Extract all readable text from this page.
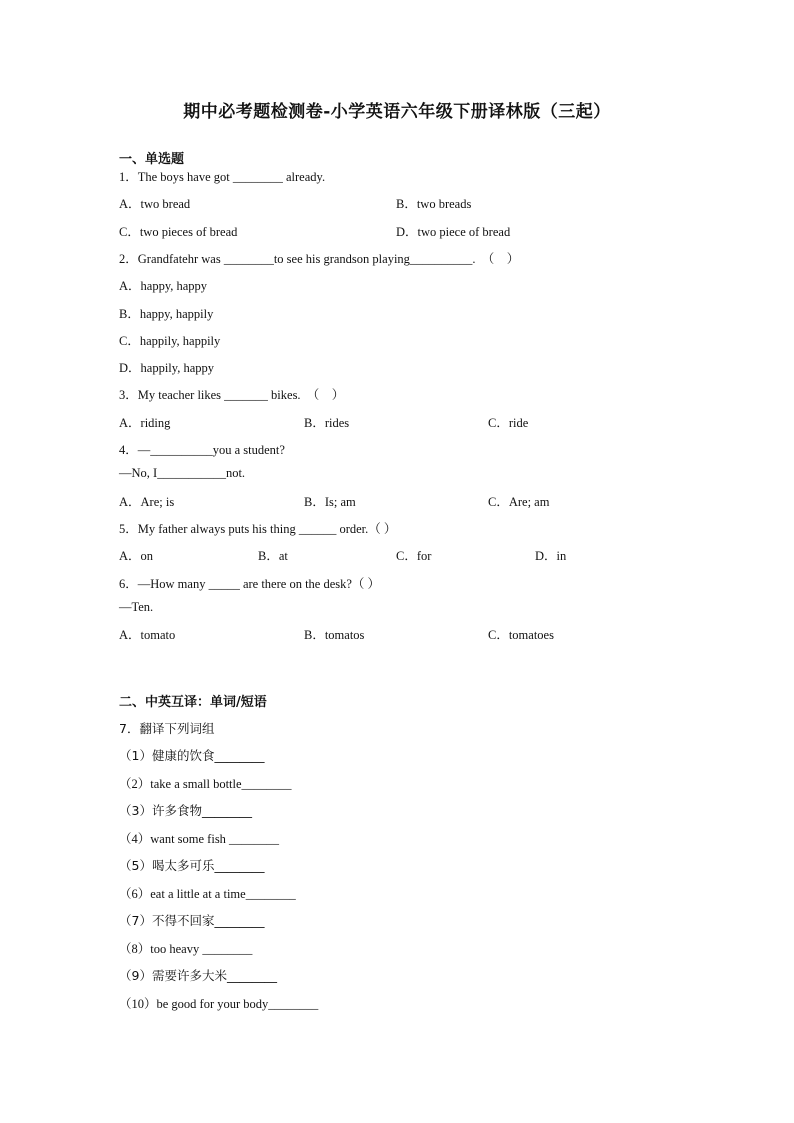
期中必考题检测卷-小学英语六年级下册译林版（三起）
一、单选题
1．The boys have got ________ already.
A．two bread	B．two breads
C．two pieces of bread	D．two piece of bread
2．Grandfatehr was ________to see his grandson playing__________.　（　）
A．happy, happy
B．happy, happily
C．happily, happily
D．happily, happy
3．My teacher likes _______ bikes.　（　）
A．riding	B．rides	C．ride
4．—__________you a student?
—No, I___________not.
A．Are; is	B．Is; am	C．Are; am
5．My father always puts his thing ______ order.（ ）
A．on	B．at	C．for	D．in
6．—How many _____ are there on the desk?（ ）
—Ten.
A．tomato	B．tomatos	C．tomatoes
二、中英互译：单词/短语
7．翻译下列词组
（1）健康的饮食________
（2）take a small bottle________
（3）许多食物________
（4）want some fish ________
（5）喝太多可乐________
（6）eat a little at a time________
（7）不得不回家________
（8）too heavy ________
（9）需要许多大米________
（10）be good for your body________
